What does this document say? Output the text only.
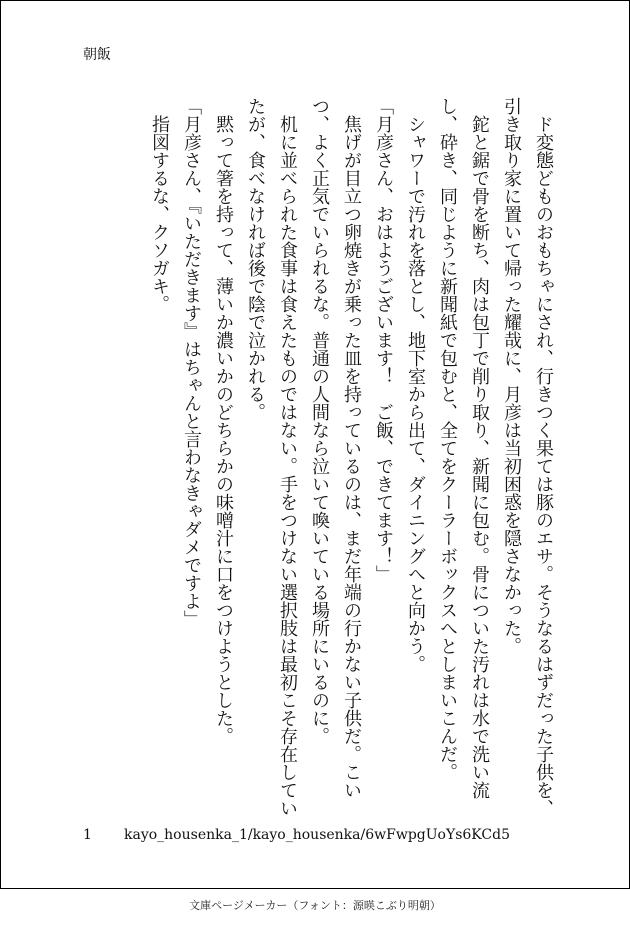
朝飯

　ド変態どものおもちゃにされ、行きつく果ては豚のエサ。そうなるはずだった子供を、引き取り家に置いて帰った耀哉に、月彦は当初困惑を隠さなかった。

　鉈と鋸で骨を断ち、肉は包丁で削り取り、新聞に包む。骨についた汚れは水で洗い流し、砕き、同じように新聞紙で包むと、全てをクーラーボックスへとしまいこんだ。

　シャワーで汚れを落とし、地下室から出て、ダイニングへと向かう。

「月彦さん、おはようございます！　ご飯、できてます！」

　焦げが目立つ卵焼きが乗った皿を持っているのは、まだ年端の行かない子供だ。こいつ、よく正気でいられるな。普通の人間なら泣いて喚いている場所にいるのに。

　机に並べられた食事は食えたものではない。手をつけない選択肢は最初こそ存在していたが、食べなければ後で陰で泣かれる。

　黙って箸を持って、薄いか濃いかのどちらかの味噌汁に口をつけようとした。

「月彦さん、『いただきます』はちゃんと言わなきゃダメですよ」

　指図するな、クソガキ。

1 kayo_housenka_1/kayo_housenka/6wFwpgUoYs6KCd5
文庫ページメーカー（フォント：源暎こぶり明朝）
